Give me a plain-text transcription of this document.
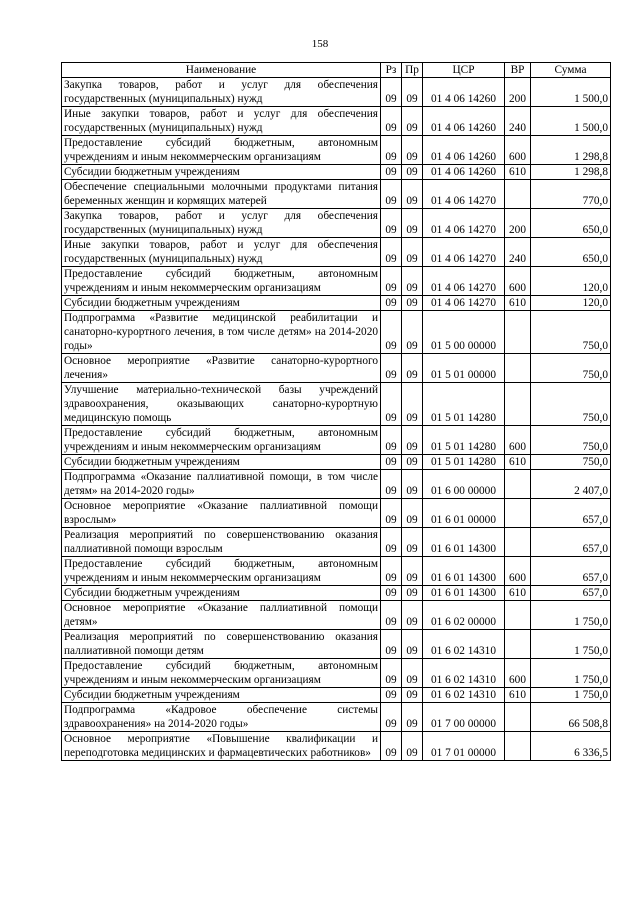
158
Наименование	Рз	Пр	ЦСР	ВР	Сумма
Закупка товаров, работ и услуг для обеспечения государственных (муниципальных) нужд	09	09	01 4 06 14260	200	1 500,0
Иные закупки товаров, работ и услуг для обеспечения государственных (муниципальных) нужд	09	09	01 4 06 14260	240	1 500,0
Предоставление субсидий бюджетным, автономным учреждениям и иным некоммерческим организациям	09	09	01 4 06 14260	600	1 298,8
Субсидии бюджетным учреждениям	09	09	01 4 06 14260	610	1 298,8
Обеспечение специальными молочными продуктами питания беременных женщин и кормящих матерей	09	09	01 4 06 14270		770,0
Закупка товаров, работ и услуг для обеспечения государственных (муниципальных) нужд	09	09	01 4 06 14270	200	650,0
Иные закупки товаров, работ и услуг для обеспечения государственных (муниципальных) нужд	09	09	01 4 06 14270	240	650,0
Предоставление субсидий бюджетным, автономным учреждениям и иным некоммерческим организациям	09	09	01 4 06 14270	600	120,0
Субсидии бюджетным учреждениям	09	09	01 4 06 14270	610	120,0
Подпрограмма «Развитие медицинской реабилитации и санаторно-курортного лечения, в том числе детям» на 2014-2020 годы»	09	09	01 5 00 00000		750,0
Основное мероприятие «Развитие санаторно-курортного лечения»	09	09	01 5 01 00000		750,0
Улучшение материально-технической базы учреждений здравоохранения, оказывающих санаторно-курортную медицинскую помощь	09	09	01 5 01 14280		750,0
Предоставление субсидий бюджетным, автономным учреждениям и иным некоммерческим организациям	09	09	01 5 01 14280	600	750,0
Субсидии бюджетным учреждениям	09	09	01 5 01 14280	610	750,0
Подпрограмма «Оказание паллиативной помощи, в том числе детям» на 2014-2020 годы»	09	09	01 6 00 00000		2 407,0
Основное мероприятие «Оказание паллиативной помощи взрослым»	09	09	01 6 01 00000		657,0
Реализация мероприятий по совершенствованию оказания паллиативной помощи взрослым	09	09	01 6 01 14300		657,0
Предоставление субсидий бюджетным, автономным учреждениям и иным некоммерческим организациям	09	09	01 6 01 14300	600	657,0
Субсидии бюджетным учреждениям	09	09	01 6 01 14300	610	657,0
Основное мероприятие «Оказание паллиативной помощи детям»	09	09	01 6 02 00000		1 750,0
Реализация мероприятий по совершенствованию оказания паллиативной помощи детям	09	09	01 6 02 14310		1 750,0
Предоставление субсидий бюджетным, автономным учреждениям и иным некоммерческим организациям	09	09	01 6 02 14310	600	1 750,0
Субсидии бюджетным учреждениям	09	09	01 6 02 14310	610	1 750,0
Подпрограмма «Кадровое обеспечение системы здравоохранения» на 2014-2020 годы»	09	09	01 7 00 00000		66 508,8
Основное мероприятие «Повышение квалификации и переподготовка медицинских и фармацевтических работников»	09	09	01 7 01 00000		6 336,5
